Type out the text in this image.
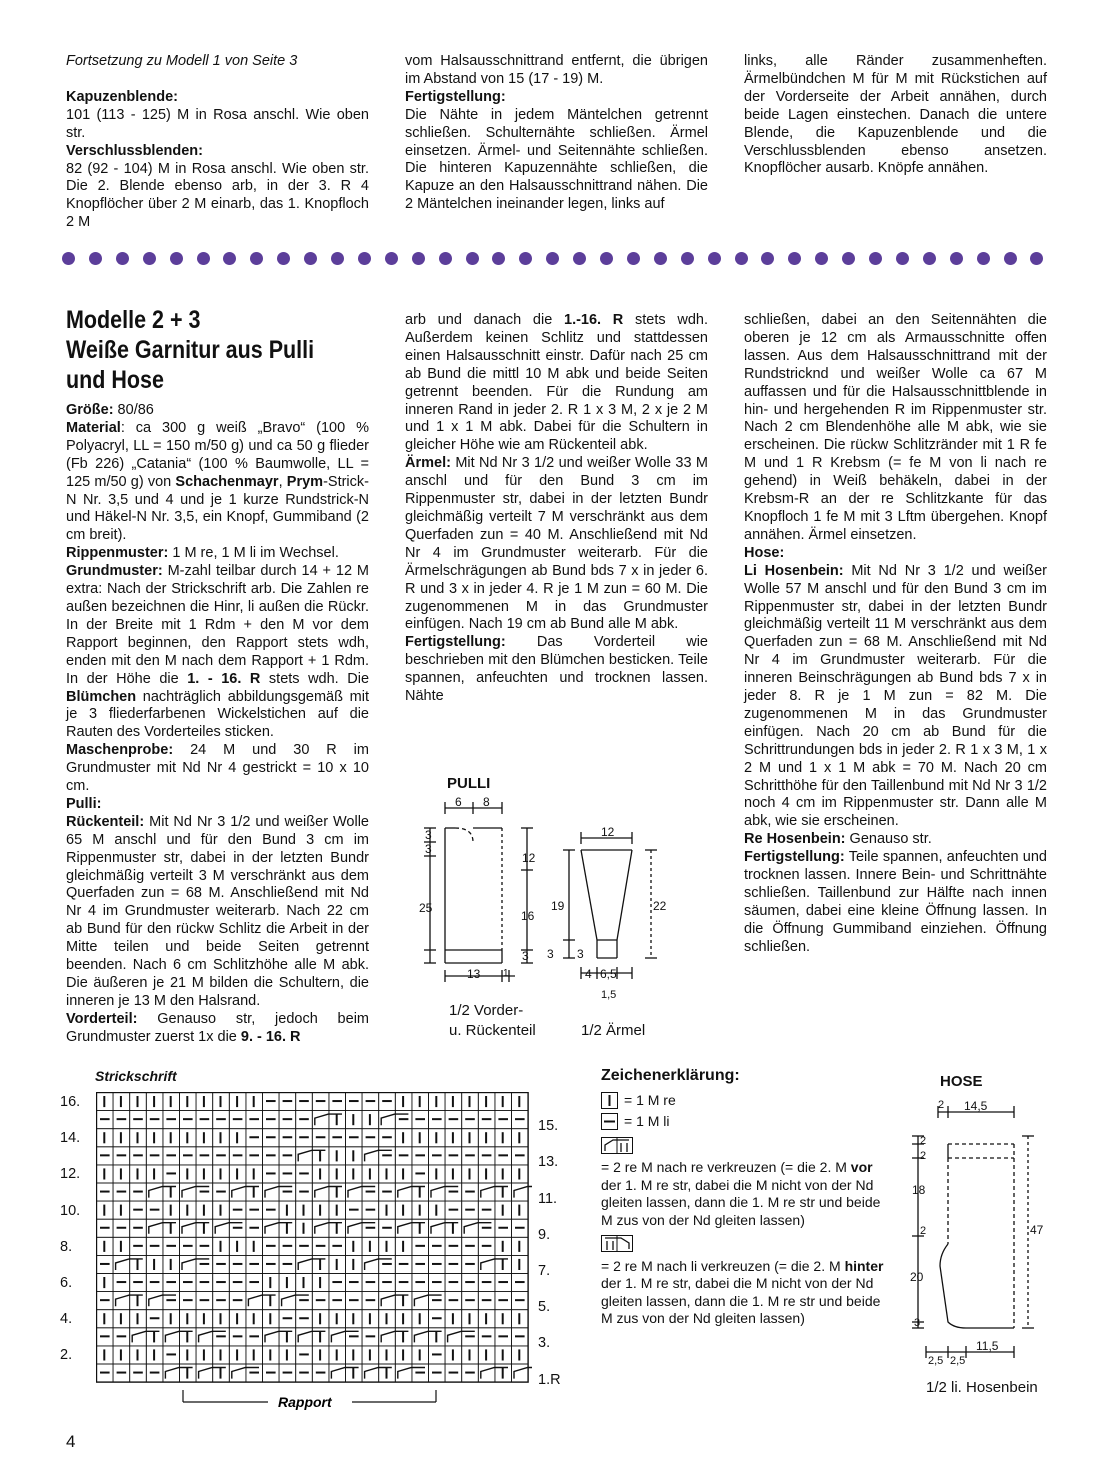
Fortsetzung zu Modell 1 von Seite 3

Kapuzenblende:

101 (113 - 125) M in Rosa anschl. Wie oben str.

Verschlussblenden:

82 (92 - 104) M in Rosa anschl. Wie oben str. Die 2. Blende ebenso arb, in der 3. R 4 Knopflöcher über 2 M einarb, das 1. Knopfloch 2 M

vom Halsausschnittrand entfernt, die übrigen im Abstand von 15 (17 - 19) M.

Fertigstellung:

Die Nähte in jedem Mäntelchen getrennt schließen. Schulternähte schließen. Ärmel einsetzen. Ärmel- und Seitennähte schließen. Die hinteren Kapuzennähte schließen, die Kapuze an den Halsausschnittrand nähen. Die 2 Mäntelchen ineinander legen, links auf

links, alle Ränder zusammenheften. Ärmelbündchen M für M mit Rückstichen auf der Vorderseite der Arbeit annähen, durch beide Lagen einstechen. Danach die untere Blende, die Kapuzenblende und die Verschlussblenden ebenso ansetzen. Knopflöcher ausarb. Knöpfe annähen.

Modelle 2 + 3
Weiße Garnitur aus Pulli
und Hose

Größe: 80/86

Material: ca 300 g weiß „Bravo“ (100 % Polyacryl, LL = 150 m/50 g) und ca 50 g flieder (Fb 226) „Catania“ (100 % Baumwolle, LL = 125 m/50 g) von Schachenmayr, Prym-Strick-N Nr. 3,5 und 4 und je 1 kurze Rundstrick-N und Häkel-N Nr. 3,5, ein Knopf, Gummiband (2 cm breit).

Rippenmuster: 1 M re, 1 M li im Wechsel.

Grundmuster: M-zahl teilbar durch 14 + 12 M extra: Nach der Strickschrift arb. Die Zahlen re außen bezeichnen die Hinr, li außen die Rückr. In der Breite mit 1 Rdm + den M vor dem Rapport beginnen, den Rapport stets wdh, enden mit den M nach dem Rapport + 1 Rdm. In der Höhe die 1. - 16. R stets wdh. Die Blümchen nachträglich abbildungsgemäß mit je 3 fliederfarbenen Wickelstichen auf die Rauten des Vorderteiles sticken.

Maschenprobe: 24 M und 30 R im Grundmuster mit Nd Nr 4 gestrickt = 10 x 10 cm.

Pulli:

Rückenteil: Mit Nd Nr 3 1/2 und weißer Wolle 65 M anschl und für den Bund 3 cm im Rippenmuster str, dabei in der letzten Bundr gleichmäßig verteilt 3 M verschränkt aus dem Querfaden zun = 68 M. Anschließend mit Nd Nr 4 im Grundmuster weiterarb. Nach 22 cm ab Bund für den rückw Schlitz die Arbeit in der Mitte teilen und beide Seiten getrennt beenden. Nach 6 cm Schlitzhöhe alle M abk. Die äußeren je 21 M bilden die Schultern, die inneren je 13 M den Halsrand.

Vorderteil: Genauso str, jedoch beim Grundmuster zuerst 1x die 9. - 16. R

arb und danach die 1.-16. R stets wdh. Außerdem keinen Schlitz und stattdessen einen Halsausschnitt einstr. Dafür nach 25 cm ab Bund die mittl 10 M abk und beide Seiten getrennt beenden. Für die Rundung am inneren Rand in jeder 2. R 1 x 3 M, 2 x je 2 M und 1 x 1 M abk. Dabei für die Schultern in gleicher Höhe wie am Rückenteil abk.

Ärmel: Mit Nd Nr 3 1/2 und weißer Wolle 33 M anschl und für den Bund 3 cm im Rippenmuster str, dabei in der letzten Bundr gleichmäßig verteilt 7 M verschränkt aus dem Querfaden zun = 40 M. Anschließend mit Nd Nr 4 im Grundmuster weiterarb. Für die Ärmelschrägungen ab Bund bds 7 x in jeder 6. R und 3 x in jeder 4. R je 1 M zun = 60 M. Die zugenommenen M in das Grundmuster einfügen. Nach 19 cm ab Bund alle M abk.

Fertigstellung: Das Vorderteil wie beschrieben mit den Blümchen besticken. Teile spannen, anfeuchten und trocknen lassen. Nähte

schließen, dabei an den Seitennähten die oberen je 12 cm als Armausschnitte offen lassen. Aus dem Halsausschnittrand mit der Rundstricknd und weißer Wolle ca 67 M auffassen und für die Halsausschnittblende in hin- und hergehenden R im Rippenmuster str. Nach 2 cm Blendenhöhe alle M abk, wie sie erscheinen. Die rückw Schlitzränder mit 1 R fe M und 1 R Krebsm (= fe M von li nach re gehend) in Weiß behäkeln, dabei in der Krebsm-R an der re Schlitzkante für das Knopfloch 1 fe M mit 3 Lftm übergehen. Knopf annähen. Ärmel einsetzen.

Hose:

Li Hosenbein: Mit Nd Nr 3 1/2 und weißer Wolle 57 M anschl und für den Bund 3 cm im Rippenmuster str, dabei in der letzten Bundr gleichmäßig verteilt 11 M verschränkt aus dem Querfaden zun = 68 M. Anschließend mit Nd Nr 4 im Grundmuster weiterarb. Für die inneren Beinschrägungen ab Bund bds 7 x in jeder 8. R je 1 M zun = 82 M. Die zugenommenen M in das Grundmuster einfügen. Nach 20 cm ab Bund für die Schrittrundungen bds in jeder 2. R 1 x 3 M, 1 x 2 M und 1 x 1 M abk = 70 M. Nach 20 cm Schritthöhe für den Taillenbund mit Nd Nr 3 1/2 noch 4 cm im Rippenmuster str. Dann alle M abk, wie sie erscheinen.

Re Hosenbein: Genauso str.

Fertigstellung: Teile spannen, anfeuchten und trocknen lassen. Innere Bein- und Schrittnähte schließen. Taillenbund zur Hälfte nach innen säumen, dabei eine kleine Öffnung lassen. In die Öffnung Gummiband einziehen. Öffnung schließen.

PULLI
6 8
3
3
25
12
16
3
13 1
12
19	22
3 3
4 6,5
1,5
1/2 Vorder-
u. Rückenteil	1/2 Ärmel
Strickschrift
16.
14.
12.
10.
8.
6.
4.
2.
15.
13.
11.
9.
7.
5.
3.
1.R
Rapport
Zeichenerklärung:
= 1 M re
= 1 M li

= 2 re M nach re verkreuzen (= die 2. M vor der 1. M re str, dabei die M nicht von der Nd gleiten lassen, dann die 1. M re str und beide M zus von der Nd gleiten lassen)

= 2 re M nach li verkreuzen (= die 2. M hinter der 1. M re str, dabei die M nicht von der Nd gleiten lassen, dann die 1. M re str und beide M zus von der Nd gleiten lassen)

HOSE
2 14,5
2
2
18
2	47
20
3
11,5
2,5 2,5
1/2 li. Hosenbein
4
